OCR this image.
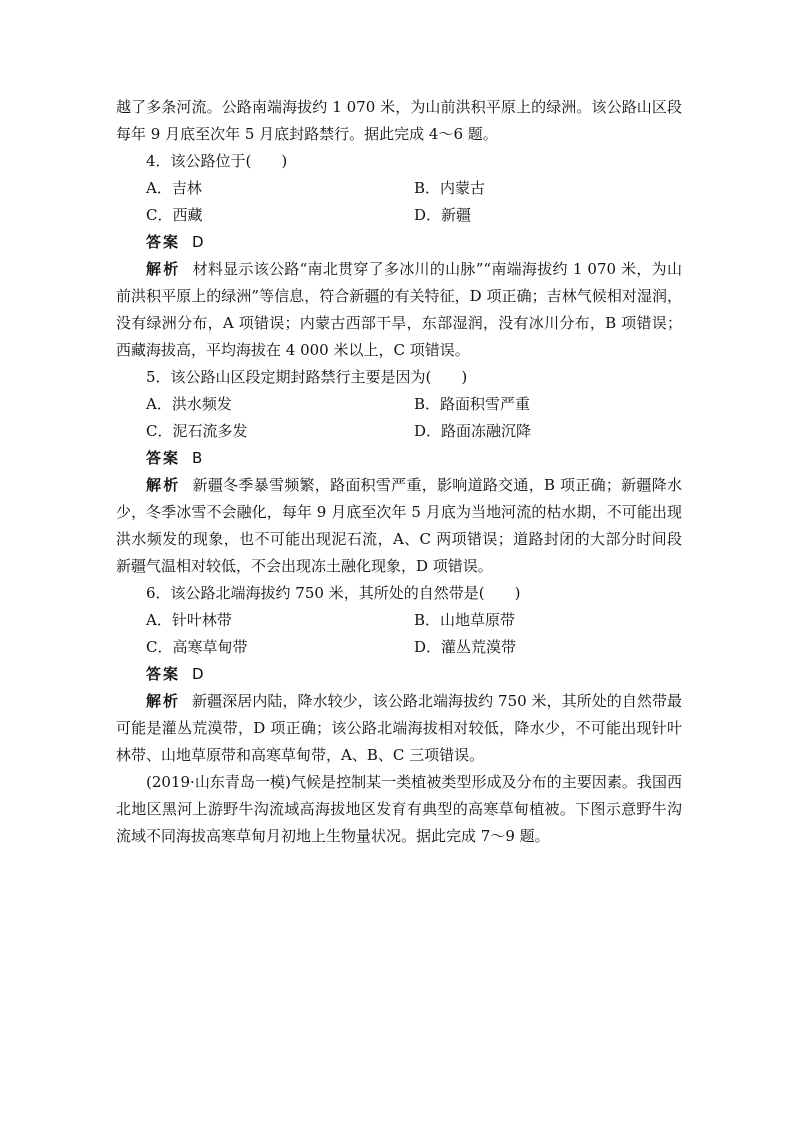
越了多条河流。公路南端海拔约 1 070 米，为山前洪积平原上的绿洲。该公路山区段每年 9 月底至次年 5 月底封路禁行。据此完成 4～6 题。

4．该公路位于(　　)

A．吉林	B．内蒙古
C．西藏	D．新疆

答案 D

解析 材料显示该公路“南北贯穿了多冰川的山脉”“南端海拔约 1 070 米，为山前洪积平原上的绿洲”等信息，符合新疆的有关特征，D 项正确；吉林气候相对湿润，没有绿洲分布，A 项错误；内蒙古西部干旱，东部湿润，没有冰川分布，B 项错误；西藏海拔高，平均海拔在 4 000 米以上，C 项错误。

5．该公路山区段定期封路禁行主要是因为(　　)

A．洪水频发	B．路面积雪严重
C．泥石流多发	D．路面冻融沉降

答案 B

解析 新疆冬季暴雪频繁，路面积雪严重，影响道路交通，B 项正确；新疆降水少，冬季冰雪不会融化，每年 9 月底至次年 5 月底为当地河流的枯水期，不可能出现洪水频发的现象，也不可能出现泥石流，A、C 两项错误；道路封闭的大部分时间段新疆气温相对较低，不会出现冻土融化现象，D 项错误。

6．该公路北端海拔约 750 米，其所处的自然带是(　　)

A．针叶林带	B．山地草原带
C．高寒草甸带	D．灌丛荒漠带

答案 D

解析 新疆深居内陆，降水较少，该公路北端海拔约 750 米，其所处的自然带最可能是灌丛荒漠带，D 项正确；该公路北端海拔相对较低，降水少，不可能出现针叶林带、山地草原带和高寒草甸带，A、B、C 三项错误。

(2019·山东青岛一模)气候是控制某一类植被类型形成及分布的主要因素。我国西北地区黑河上游野牛沟流域高海拔地区发育有典型的高寒草甸植被。下图示意野牛沟流域不同海拔高寒草甸月初地上生物量状况。据此完成 7～9 题。
